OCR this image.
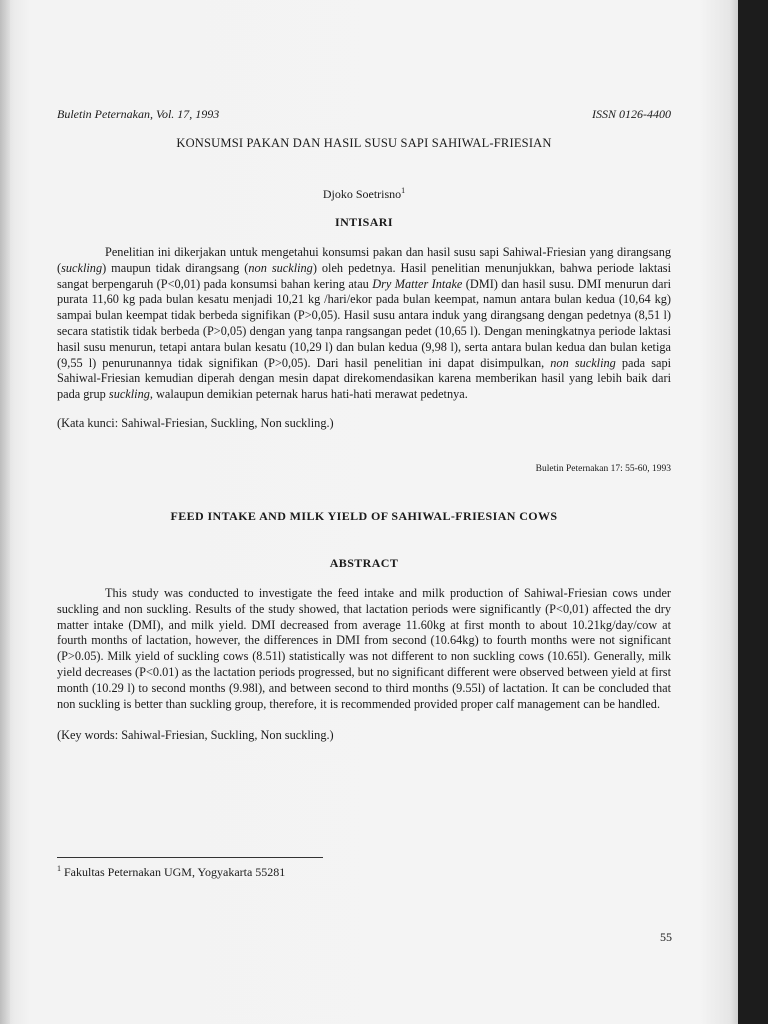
Buletin Peternakan, Vol. 17, 1993	ISSN 0126-4400
KONSUMSI PAKAN DAN HASIL SUSU SAPI SAHIWAL-FRIESIAN
Djoko Soetrisno$^1$
INTISARI

Penelitian ini dikerjakan untuk mengetahui konsumsi pakan dan hasil susu sapi Sahiwal-Friesian yang dirangsang (suckling) maupun tidak dirangsang (non suckling) oleh pedetnya. Hasil penelitian menunjukkan, bahwa periode laktasi sangat berpengaruh (P<0,01) pada konsumsi bahan kering atau Dry Matter Intake (DMI) dan hasil susu. DMI menurun dari purata 11,60 kg pada bulan kesatu menjadi 10,21 kg /hari/ekor pada bulan keempat, namun antara bulan kedua (10,64 kg) sampai bulan keempat tidak berbeda signifikan (P>0,05). Hasil susu antara induk yang dirangsang dengan pedetnya (8,51 l) secara statistik tidak berbeda (P>0,05) dengan yang tanpa rangsangan pedet (10,65 l). Dengan meningkatnya periode laktasi hasil susu menurun, tetapi antara bulan kesatu (10,29 l) dan bulan kedua (9,98 l), serta antara bulan kedua dan bulan ketiga (9,55 l) penurunannya tidak signifikan (P>0,05). Dari hasil penelitian ini dapat disimpulkan, non suckling pada sapi Sahiwal-Friesian kemudian diperah dengan mesin dapat direkomendasikan karena memberikan hasil yang lebih baik dari pada grup suckling, walaupun demikian peternak harus hati-hati merawat pedetnya.

(Kata kunci: Sahiwal-Friesian, Suckling, Non suckling.)

Buletin Peternakan 17: 55-60, 1993
FEED INTAKE AND MILK YIELD OF SAHIWAL-FRIESIAN COWS
ABSTRACT

This study was conducted to investigate the feed intake and milk production of Sahiwal-Friesian cows under suckling and non suckling. Results of the study showed, that lactation periods were significantly (P<0,01) affected the dry matter intake (DMI), and milk yield. DMI decreased from average 11.60kg at first month to about 10.21kg/day/cow at fourth months of lactation, however, the differences in DMI from second (10.64kg) to fourth months were not significant (P>0.05). Milk yield of suckling cows (8.51l) statistically was not different to non suckling cows (10.65l). Generally, milk yield decreases (P<0.01) as the lactation periods progressed, but no significant different were observed between yield at first month (10.29 l) to second months (9.98l), and between second to third months (9.55l) of lactation. It can be concluded that non suckling is better than suckling group, therefore, it is recommended provided proper calf management can be handled.

(Key words: Sahiwal-Friesian, Suckling, Non suckling.)

$^1$ Fakultas Peternakan UGM, Yogyakarta 55281
55
